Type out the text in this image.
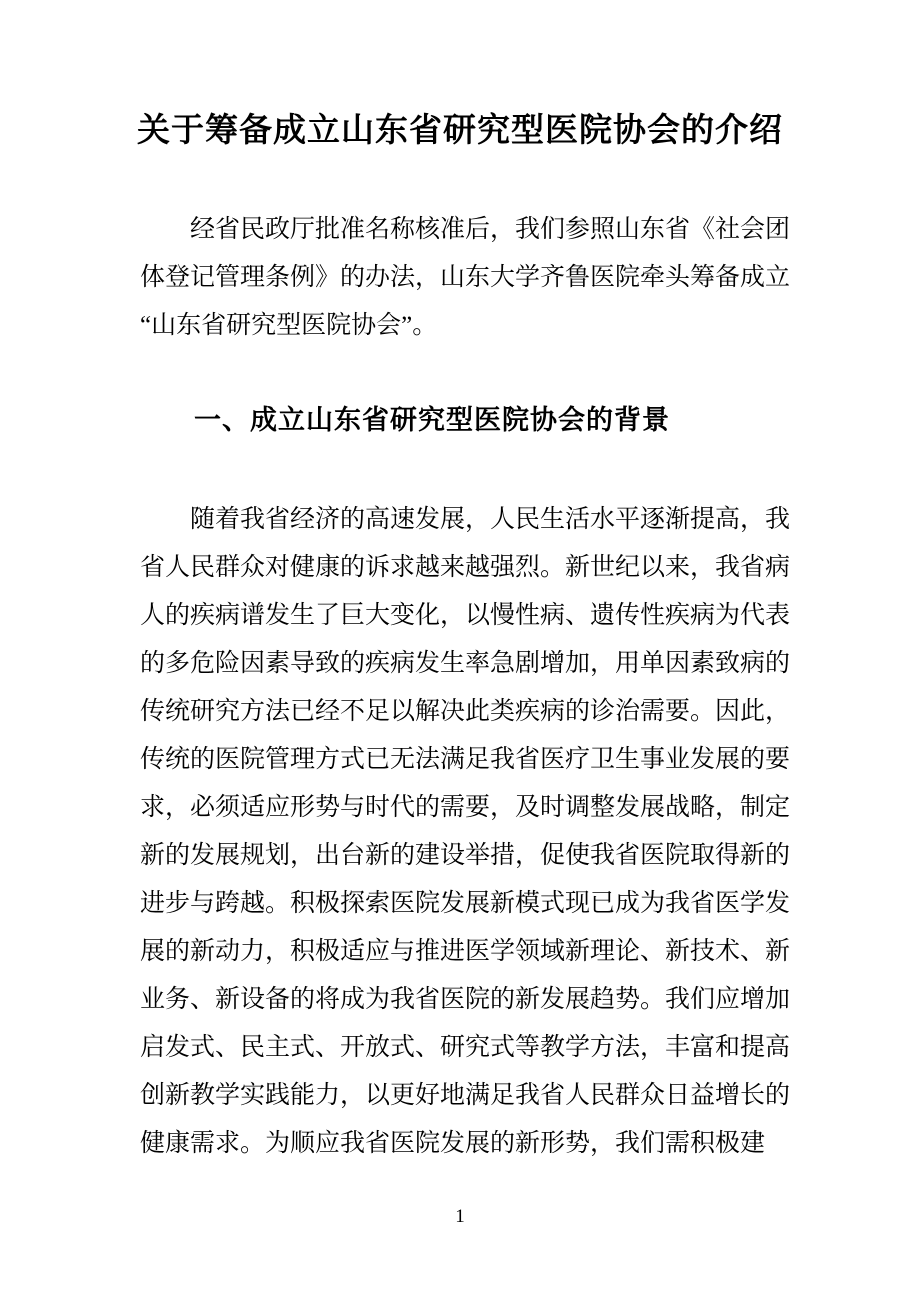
关于筹备成立山东省研究型医院协会的介绍

经省民政厅批准名称核准后，我们参照山东省《社会团体登记管理条例》的办法，山东大学齐鲁医院牵头筹备成立“山东省研究型医院协会”。

一、成立山东省研究型医院协会的背景

随着我省经济的高速发展，人民生活水平逐渐提高，我省人民群众对健康的诉求越来越强烈。新世纪以来，我省病人的疾病谱发生了巨大变化，以慢性病、遗传性疾病为代表的多危险因素导致的疾病发生率急剧增加，用单因素致病的传统研究方法已经不足以解决此类疾病的诊治需要。因此，传统的医院管理方式已无法满足我省医疗卫生事业发展的要求，必须适应形势与时代的需要，及时调整发展战略，制定新的发展规划，出台新的建设举措，促使我省医院取得新的进步与跨越。积极探索医院发展新模式现已成为我省医学发展的新动力，积极适应与推进医学领域新理论、新技术、新业务、新设备的将成为我省医院的新发展趋势。我们应增加启发式、民主式、开放式、研究式等教学方法，丰富和提高创新教学实践能力，以更好地满足我省人民群众日益增长的健康需求。为顺应我省医院发展的新形势，我们需积极建

1
